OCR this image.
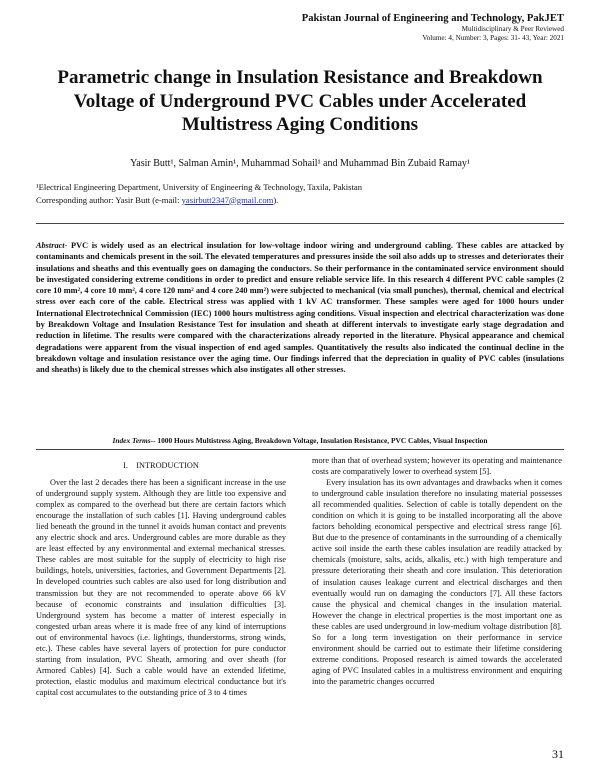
Pakistan Journal of Engineering and Technology, PakJET
Multidisciplinary & Peer Reviewed
Volume: 4, Number: 3, Pages: 31- 43, Year: 2021
Parametric change in Insulation Resistance and Breakdown Voltage of Underground PVC Cables under Accelerated Multistress Aging Conditions
Yasir Butt¹, Salman Amin¹, Muhammad Sohail¹ and Muhammad Bin Zubaid Ramay¹
¹Electrical Engineering Department, University of Engineering & Technology, Taxila, Pakistan
Corresponding author: Yasir Butt (e-mail: yasirbutt2347@gmail.com).
Abstract- PVC is widely used as an electrical insulation for low-voltage indoor wiring and underground cabling. These cables are attacked by contaminants and chemicals present in the soil. The elevated temperatures and pressures inside the soil also adds up to stresses and deteriorates their insulations and sheaths and this eventually goes on damaging the conductors. So their performance in the contaminated service environment should be investigated considering extreme conditions in order to predict and ensure reliable service life. In this research 4 different PVC cable samples (2 core 10 mm², 4 core 10 mm², 4 core 120 mm² and 4 core 240 mm²) were subjected to mechanical (via small punches), thermal, chemical and electrical stress over each core of the cable. Electrical stress was applied with 1 kV AC transformer. These samples were aged for 1000 hours under International Electrotechnical Commission (IEC) 1000 hours multistress aging conditions. Visual inspection and electrical characterization was done by Breakdown Voltage and Insulation Resistance Test for insulation and sheath at different intervals to investigate early stage degradation and reduction in lifetime. The results were compared with the characterizations already reported in the literature. Physical appearance and chemical degradations were apparent from the visual inspection of end aged samples. Quantitatively the results also indicated the continual decline in the breakdown voltage and insulation resistance over the aging time. Our findings inferred that the depreciation in quality of PVC cables (insulations and sheaths) is likely due to the chemical stresses which also instigates all other stresses.
Index Terms-- 1000 Hours Multistress Aging, Breakdown Voltage, Insulation Resistance, PVC Cables, Visual Inspection
I. INTRODUCTION

Over the last 2 decades there has been a significant increase in the use of underground supply system. Although they are little too expensive and complex as compared to the overhead but there are certain factors which encourage the installation of such cables [1]. Having underground cables lied beneath the ground in the tunnel it avoids human contact and prevents any electric shock and arcs. Underground cables are more durable as they are least effected by any environmental and external mechanical stresses. These cables are most suitable for the supply of electricity to high rise buildings, hotels, universities, factories, and Government Departments [2]. In developed countries such cables are also used for long distribution and transmission but they are not recommended to operate above 66 kV because of economic constraints and insulation difficulties [3]. Underground system has become a matter of interest especially in congested urban areas where it is made free of any kind of interruptions out of environmental havocs (i.e. lightings, thunderstorms, strong winds, etc.). These cables have several layers of protection for pure conductor starting from insulation, PVC Sheath, armoring and over sheath (for Armored Cables) [4]. Such a cable would have an extended lifetime, protection, elastic modulus and maximum electrical conductance but it's capital cost accumulates to the outstanding price of 3 to 4 times

more than that of overhead system; however its operating and maintenance costs are comparatively lower to overhead system [5].

Every insulation has its own advantages and drawbacks when it comes to underground cable insulation therefore no insulating material possesses all recommended qualities. Selection of cable is totally dependent on the condition on which it is going to be installed incorporating all the above factors beholding economical perspective and electrical stress range [6]. But due to the presence of contaminants in the surrounding of a chemically active soil inside the earth these cables insulation are readily attacked by chemicals (moisture, salts, acids, alkalis, etc.) with high temperature and pressure deteriorating their sheath and core insulation. This deterioration of insulation causes leakage current and electrical discharges and then eventually would run on damaging the conductors [7]. All these factors cause the physical and chemical changes in the insulation material. However the change in electrical properties is the most important one as these cables are used underground in low-medium voltage distribution [8]. So for a long term investigation on their performance in service environment should be carried out to estimate their lifetime considering extreme conditions. Proposed research is aimed towards the accelerated aging of PVC Insulated cables in a multistress environment and enquiring into the parametric changes occurred

31
